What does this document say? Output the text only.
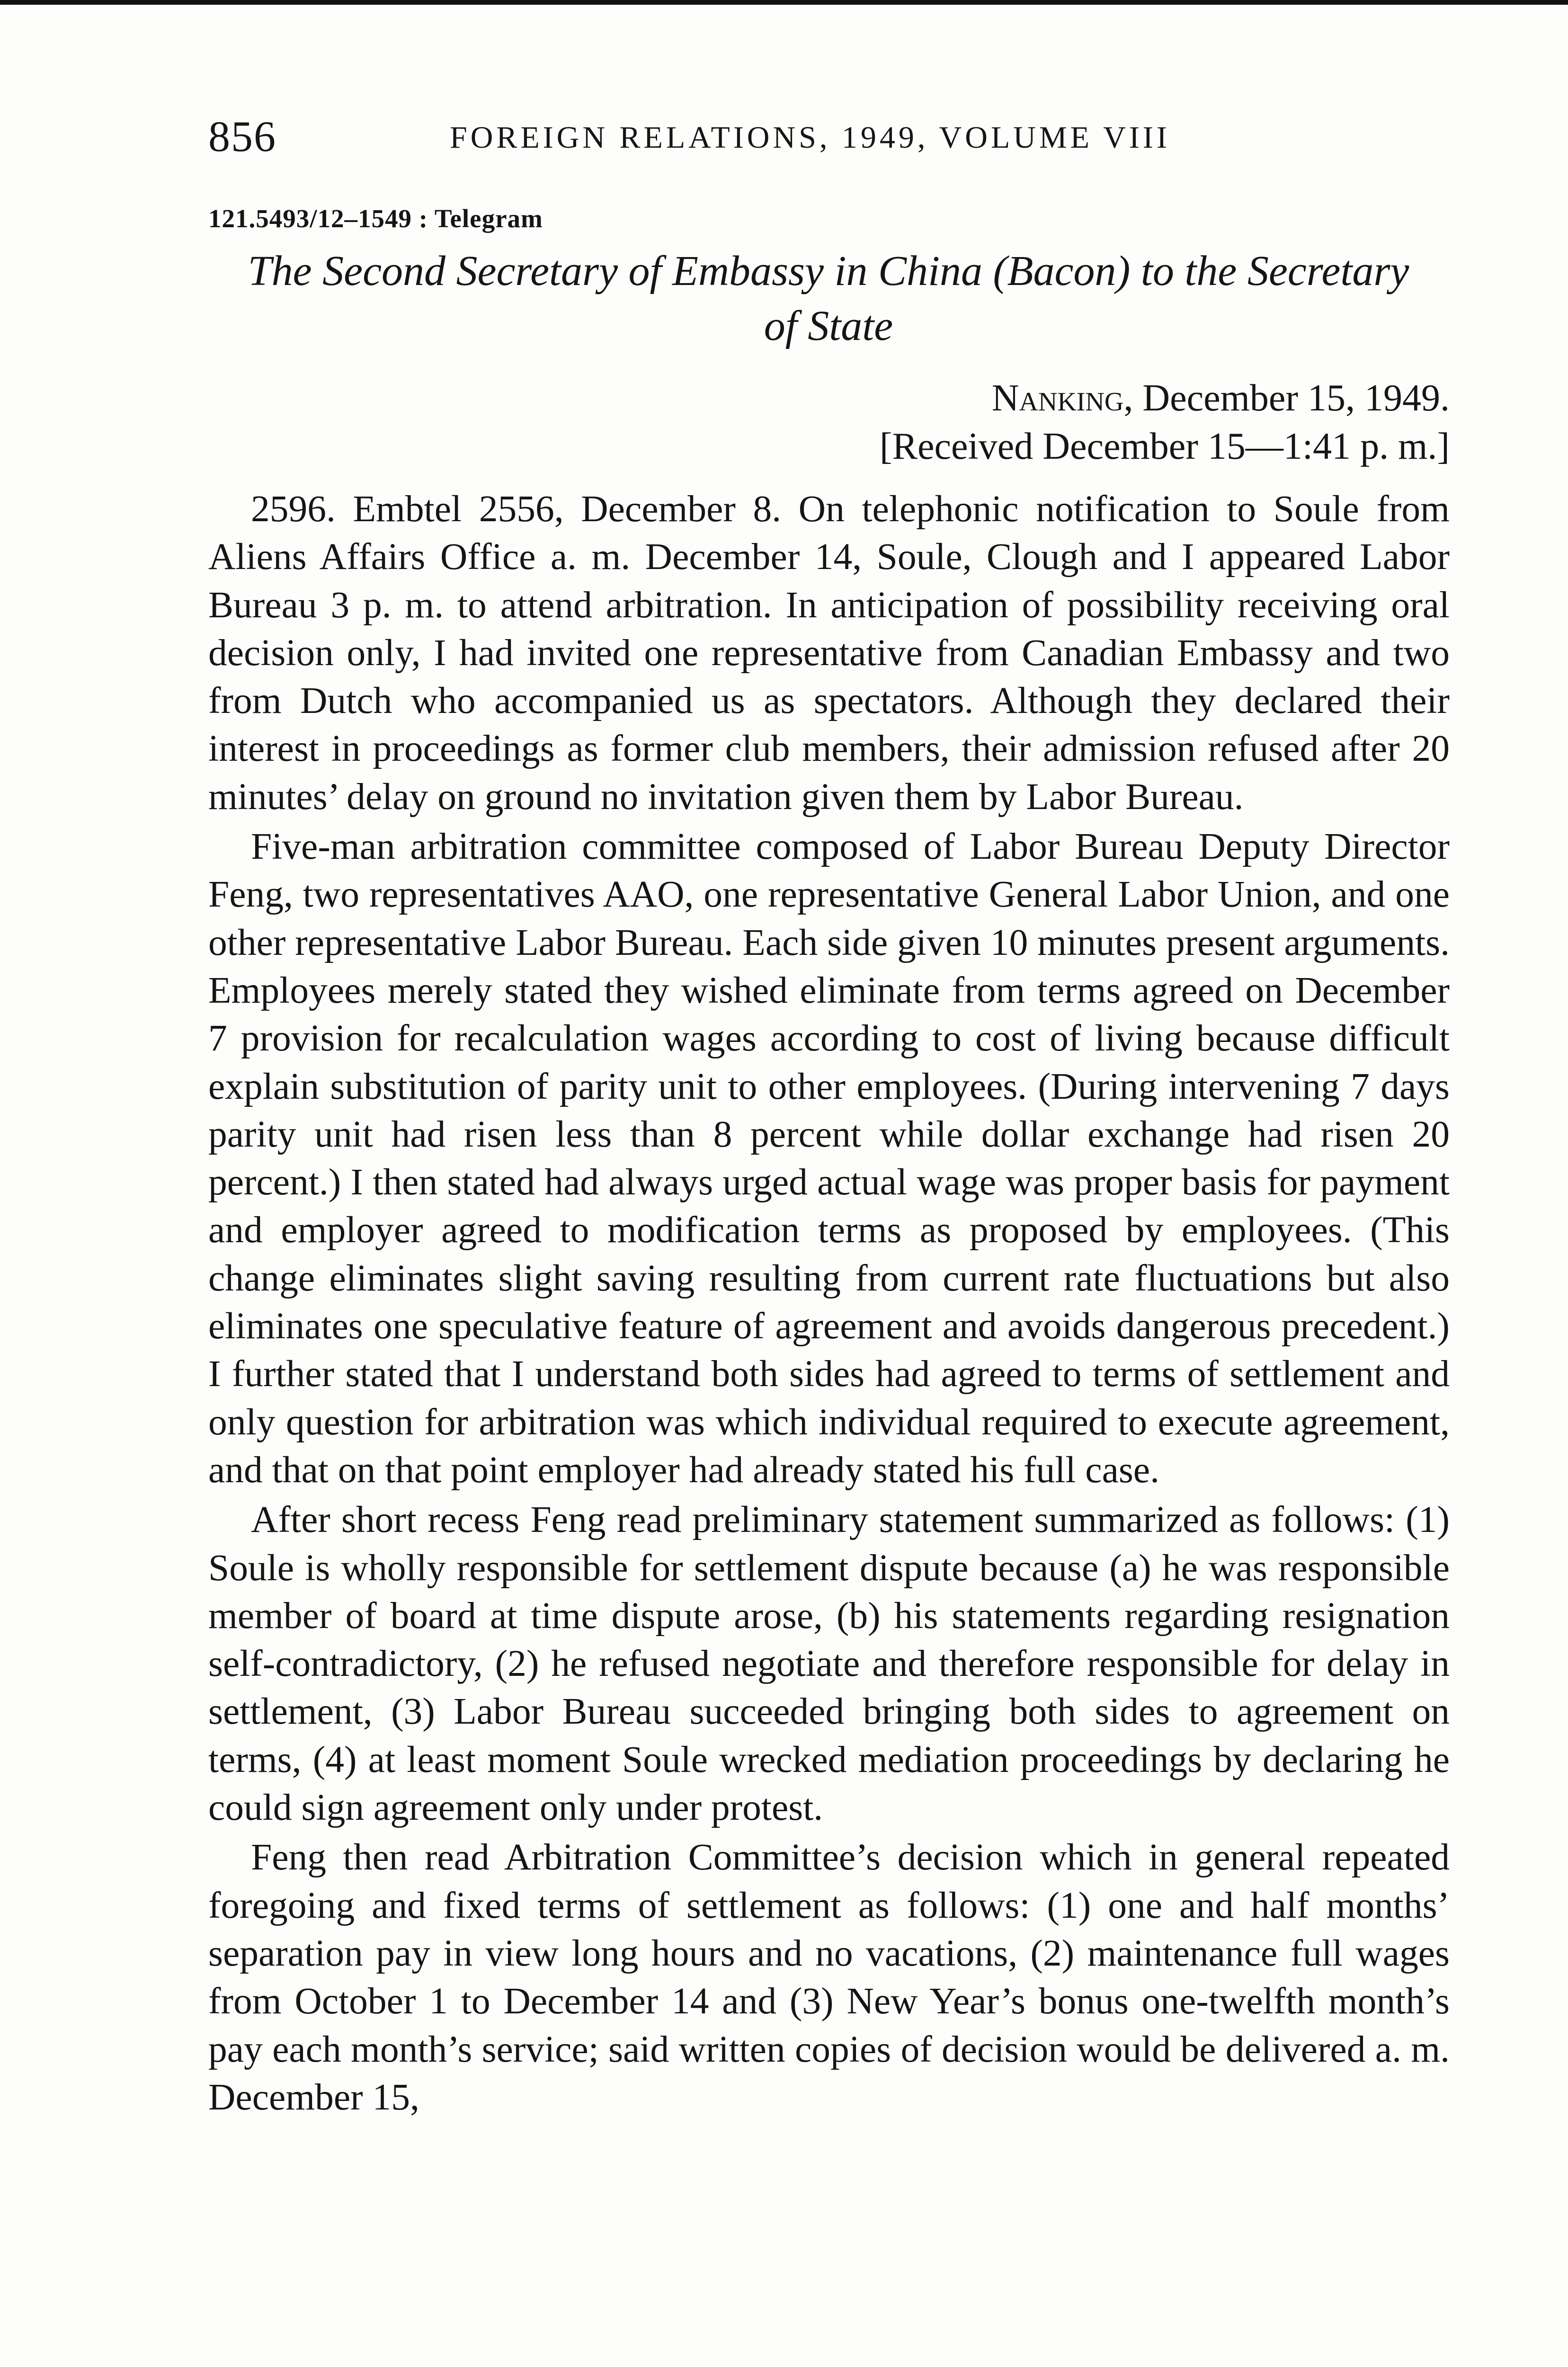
856	FOREIGN RELATIONS, 1949, VOLUME VIII
121.5493/12–1549 : Telegram
The Second Secretary of Embassy in China (Bacon) to the Secretary
of State
Nanking, December 15, 1949.
[Received December 15—1:41 p. m.]

2596. Embtel 2556, December 8. On telephonic notification to Soule from Aliens Affairs Office a. m. December 14, Soule, Clough and I appeared Labor Bureau 3 p. m. to attend arbitration. In anticipation of possibility receiving oral decision only, I had invited one representative from Canadian Embassy and two from Dutch who accompanied us as spectators. Although they declared their interest in proceedings as former club members, their admission refused after 20 minutes’ delay on ground no invitation given them by Labor Bureau.

Five-man arbitration committee composed of Labor Bureau Deputy Director Feng, two representatives AAO, one representative General Labor Union, and one other representative Labor Bureau. Each side given 10 minutes present arguments. Employees merely stated they wished eliminate from terms agreed on December 7 provision for recalculation wages according to cost of living because difficult explain substitution of parity unit to other employees. (During intervening 7 days parity unit had risen less than 8 percent while dollar exchange had risen 20 percent.) I then stated had always urged actual wage was proper basis for payment and employer agreed to modification terms as proposed by employees. (This change eliminates slight saving resulting from current rate fluctuations but also eliminates one speculative feature of agreement and avoids dangerous precedent.) I further stated that I understand both sides had agreed to terms of settlement and only question for arbitration was which individual required to execute agreement, and that on that point employer had already stated his full case.

After short recess Feng read preliminary statement summarized as follows: (1) Soule is wholly responsible for settlement dispute because (a) he was responsible member of board at time dispute arose, (b) his statements regarding resignation self-contradictory, (2) he refused negotiate and therefore responsible for delay in settlement, (3) Labor Bureau succeeded bringing both sides to agreement on terms, (4) at least moment Soule wrecked mediation proceedings by declaring he could sign agreement only under protest.

Feng then read Arbitration Committee’s decision which in general repeated foregoing and fixed terms of settlement as follows: (1) one and half months’ separation pay in view long hours and no vacations, (2) maintenance full wages from October 1 to December 14 and (3) New Year’s bonus one-twelfth month’s pay each month’s service; said written copies of decision would be delivered a. m. December 15,
